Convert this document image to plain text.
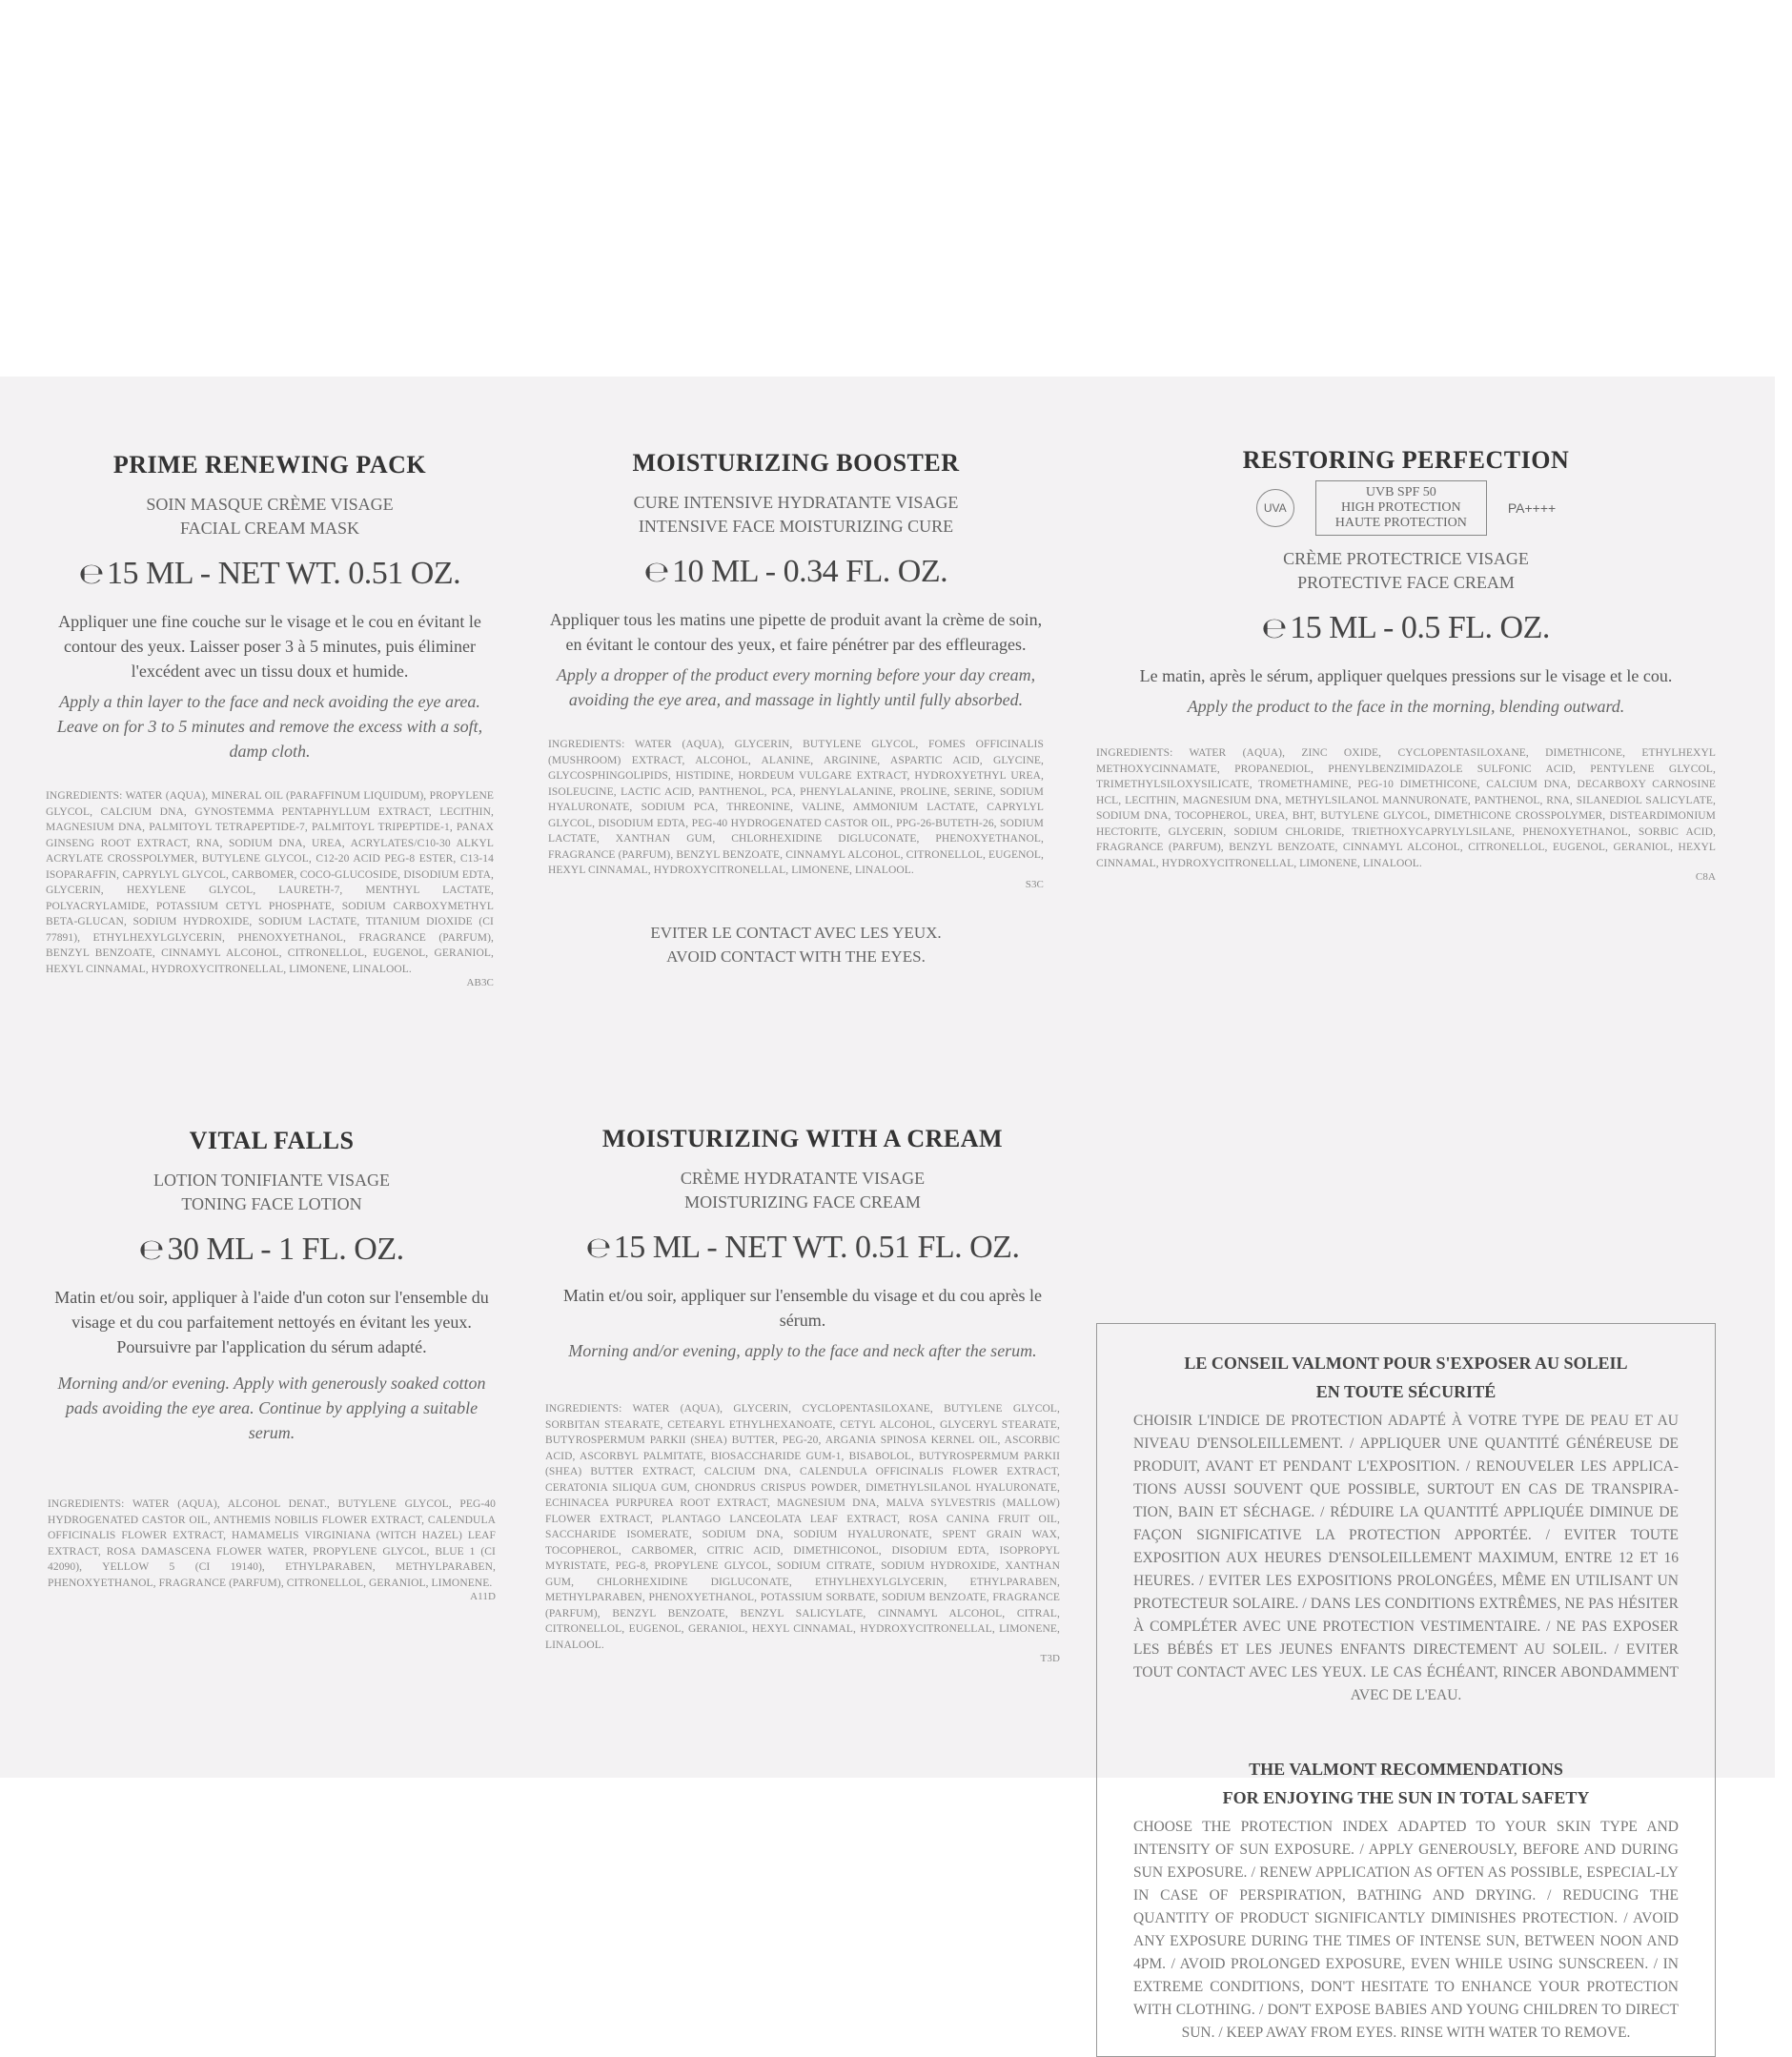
PRIME RENEWING PACK
SOIN MASQUE CRÈME VISAGE
FACIAL CREAM MASK
℮ 15 ML - NET WT. 0.51 OZ.
Appliquer une fine couche sur le visage et le cou en évitant le contour des yeux. Laisser poser 3 à 5 minutes, puis éliminer l'excédent avec un tissu doux et humide.
Apply a thin layer to the face and neck avoiding the eye area. Leave on for 3 to 5 minutes and remove the excess with a soft, damp cloth.
INGREDIENTS: WATER (AQUA), MINERAL OIL (PARAFFINUM LIQUIDUM), PROPYLENE GLYCOL, CALCIUM DNA, GYNOSTEMMA PENTAPHYLLUM EXTRACT, LECITHIN, MAGNESIUM DNA, PALMITOYL TETRAPEPTIDE-7, PALMITOYL TRIPEPTIDE-1, PANAX GINSENG ROOT EXTRACT, RNA, SODIUM DNA, UREA, ACRYLATES/C10-30 ALKYL ACRYLATE CROSSPOLYMER, BUTYLENE GLYCOL, C12-20 ACID PEG-8 ESTER, C13-14 ISOPARAFFIN, CAPRYLYL GLYCOL, CARBOMER, COCO-GLUCOSIDE, DISODIUM EDTA, GLYCERIN, HEXYLENE GLYCOL, LAURETH-7, MENTHYL LACTATE, POLYACRYLAMIDE, POTASSIUM CETYL PHOSPHATE, SODIUM CARBOXYMETHYL BETA-GLUCAN, SODIUM HYDROXIDE, SODIUM LACTATE, TITANIUM DIOXIDE (CI 77891), ETHYLHEXYLGLYCERIN, PHENOXYETHANOL, FRAGRANCE (PARFUM), BENZYL BENZOATE, CINNAMYL ALCOHOL, CITRONELLOL, EUGENOL, GERANIOL, HEXYL CINNAMAL, HYDROXYCITRONELLAL, LIMONENE, LINALOOL.
AB3C
MOISTURIZING BOOSTER
CURE INTENSIVE HYDRATANTE VISAGE
INTENSIVE FACE MOISTURIZING CURE
℮ 10 ML - 0.34 FL. OZ.
Appliquer tous les matins une pipette de produit avant la crème de soin, en évitant le contour des yeux, et faire pénétrer par des effleurages.
Apply a dropper of the product every morning before your day cream, avoiding the eye area, and massage in lightly until fully absorbed.
INGREDIENTS: WATER (AQUA), GLYCERIN, BUTYLENE GLYCOL, FOMES OFFICINALIS (MUSHROOM) EXTRACT, ALCOHOL, ALANINE, ARGININE, ASPARTIC ACID, GLYCINE, GLYCOSPHINGOLIPIDS, HISTIDINE, HORDEUM VULGARE EXTRACT, HYDROXYETHYL UREA, ISOLEUCINE, LACTIC ACID, PANTHENOL, PCA, PHENYLALANINE, PROLINE, SERINE, SODIUM HYALURONATE, SODIUM PCA, THREONINE, VALINE, AMMONIUM LACTATE, CAPRYLYL GLYCOL, DISODIUM EDTA, PEG-40 HYDROGENATED CASTOR OIL, PPG-26-BUTETH-26, SODIUM LACTATE, XANTHAN GUM, CHLORHEXIDINE DIGLUCONATE, PHENOXYETHANOL, FRAGRANCE (PARFUM), BENZYL BENZOATE, CINNAMYL ALCOHOL, CITRONELLOL, EUGENOL, HEXYL CINNAMAL, HYDROXYCITRONELLAL, LIMONENE, LINALOOL.
S3C
EVITER LE CONTACT AVEC LES YEUX.
AVOID CONTACT WITH THE EYES.
RESTORING PERFECTION
UVA
UVB SPF 50
HIGH PROTECTION
HAUTE PROTECTION
PA++++
CRÈME PROTECTRICE VISAGE
PROTECTIVE FACE CREAM
℮ 15 ML - 0.5 FL. OZ.
Le matin, après le sérum, appliquer quelques pressions sur le visage et le cou.
Apply the product to the face in the morning, blending outward.
INGREDIENTS: WATER (AQUA), ZINC OXIDE, CYCLOPENTASILOXANE, DIMETHICONE, ETHYLHEXYL METHOXYCINNAMATE, PROPANEDIOL, PHENYLBENZIMIDAZOLE SULFONIC ACID, PENTYLENE GLYCOL, TRIMETHYLSILOXYSILICATE, TROMETHAMINE, PEG-10 DIMETHICONE, CALCIUM DNA, DECARBOXY CARNOSINE HCL, LECITHIN, MAGNESIUM DNA, METHYLSILANOL MANNURONATE, PANTHENOL, RNA, SILANEDIOL SALICYLATE, SODIUM DNA, TOCOPHEROL, UREA, BHT, BUTYLENE GLYCOL, DIMETHICONE CROSSPOLYMER, DISTEARDIMONIUM HECTORITE, GLYCERIN, SODIUM CHLORIDE, TRIETHOXYCAPRYLYLSILANE, PHENOXYETHANOL, SORBIC ACID, FRAGRANCE (PARFUM), BENZYL BENZOATE, CINNAMYL ALCOHOL, CITRONELLOL, EUGENOL, GERANIOL, HEXYL CINNAMAL, HYDROXYCITRONELLAL, LIMONENE, LINALOOL.
C8A
VITAL FALLS
LOTION TONIFIANTE VISAGE
TONING FACE LOTION
℮ 30 ML - 1 FL. OZ.
Matin et/ou soir, appliquer à l'aide d'un coton sur l'ensemble du visage et du cou parfaitement nettoyés en évitant les yeux. Poursuivre par l'application du sérum adapté.
Morning and/or evening. Apply with generously soaked cotton pads avoiding the eye area. Continue by applying a suitable serum.
INGREDIENTS: WATER (AQUA), ALCOHOL DENAT., BUTYLENE GLYCOL, PEG-40 HYDROGENATED CASTOR OIL, ANTHEMIS NOBILIS FLOWER EXTRACT, CALENDULA OFFICINALIS FLOWER EXTRACT, HAMAMELIS VIRGINIANA (WITCH HAZEL) LEAF EXTRACT, ROSA DAMASCENA FLOWER WATER, PROPYLENE GLYCOL, BLUE 1 (CI 42090), YELLOW 5 (CI 19140), ETHYLPARABEN, METHYLPARABEN, PHENOXYETHANOL, FRAGRANCE (PARFUM), CITRONELLOL, GERANIOL, LIMONENE.
A11D
MOISTURIZING WITH A CREAM
CRÈME HYDRATANTE VISAGE
MOISTURIZING FACE CREAM
℮ 15 ML - NET WT. 0.51 FL. OZ.
Matin et/ou soir, appliquer sur l'ensemble du visage et du cou après le sérum.
Morning and/or evening, apply to the face and neck after the serum.
INGREDIENTS: WATER (AQUA), GLYCERIN, CYCLOPENTASILOXANE, BUTYLENE GLYCOL, SORBITAN STEARATE, CETEARYL ETHYLHEXANOATE, CETYL ALCOHOL, GLYCERYL STEARATE, BUTYROSPERMUM PARKII (SHEA) BUTTER, PEG-20, ARGANIA SPINOSA KERNEL OIL, ASCORBIC ACID, ASCORBYL PALMITATE, BIOSACCHARIDE GUM-1, BISABOLOL, BUTYROSPERMUM PARKII (SHEA) BUTTER EXTRACT, CALCIUM DNA, CALENDULA OFFICINALIS FLOWER EXTRACT, CERATONIA SILIQUA GUM, CHONDRUS CRISPUS POWDER, DIMETHYLSILANOL HYALURONATE, ECHINACEA PURPUREA ROOT EXTRACT, MAGNESIUM DNA, MALVA SYLVESTRIS (MALLOW) FLOWER EXTRACT, PLANTAGO LANCEOLATA LEAF EXTRACT, ROSA CANINA FRUIT OIL, SACCHARIDE ISOMERATE, SODIUM DNA, SODIUM HYALURONATE, SPENT GRAIN WAX, TOCOPHEROL, CARBOMER, CITRIC ACID, DIMETHICONOL, DISODIUM EDTA, ISOPROPYL MYRISTATE, PEG-8, PROPYLENE GLYCOL, SODIUM CITRATE, SODIUM HYDROXIDE, XANTHAN GUM, CHLORHEXIDINE DIGLUCONATE, ETHYLHEXYLGLYCERIN, ETHYLPARABEN, METHYLPARABEN, PHENOXYETHANOL, POTASSIUM SORBATE, SODIUM BENZOATE, FRAGRANCE (PARFUM), BENZYL BENZOATE, BENZYL SALICYLATE, CINNAMYL ALCOHOL, CITRAL, CITRONELLOL, EUGENOL, GERANIOL, HEXYL CINNAMAL, HYDROXYCITRONELLAL, LIMONENE, LINALOOL.
T3D
LE CONSEIL VALMONT POUR S'EXPOSER AU SOLEIL
EN TOUTE SÉCURITÉ
CHOISIR L'INDICE DE PROTECTION ADAPTÉ À VOTRE TYPE DE PEAU ET AU NIVEAU D'ENSOLEILLEMENT. / APPLIQUER UNE QUANTITÉ GÉNÉREUSE DE PRODUIT, AVANT ET PENDANT L'EXPOSITION. / RENOUVELER LES APPLICA-TIONS AUSSI SOUVENT QUE POSSIBLE, SURTOUT EN CAS DE TRANSPIRA-TION, BAIN ET SÉCHAGE. / RÉDUIRE LA QUANTITÉ APPLIQUÉE DIMINUE DE FAÇON SIGNIFICATIVE LA PROTECTION APPORTÉE. / EVITER TOUTE EXPOSITION AUX HEURES D'ENSOLEILLEMENT MAXIMUM, ENTRE 12 ET 16 HEURES. / EVITER LES EXPOSITIONS PROLONGÉES, MÊME EN UTILISANT UN PROTECTEUR SOLAIRE. / DANS LES CONDITIONS EXTRÊMES, NE PAS HÉSITER À COMPLÉTER AVEC UNE PROTECTION VESTIMENTAIRE. / NE PAS EXPOSER LES BÉBÉS ET LES JEUNES ENFANTS DIRECTEMENT AU SOLEIL. / EVITER TOUT CONTACT AVEC LES YEUX. LE CAS ÉCHÉANT, RINCER ABONDAMMENT AVEC DE L'EAU.
THE VALMONT RECOMMENDATIONS
FOR ENJOYING THE SUN IN TOTAL SAFETY
CHOOSE THE PROTECTION INDEX ADAPTED TO YOUR SKIN TYPE AND INTENSITY OF SUN EXPOSURE. / APPLY GENEROUSLY, BEFORE AND DURING SUN EXPOSURE. / RENEW APPLICATION AS OFTEN AS POSSIBLE, ESPECIAL-LY IN CASE OF PERSPIRATION, BATHING AND DRYING. / REDUCING THE QUANTITY OF PRODUCT SIGNIFICANTLY DIMINISHES PROTECTION. / AVOID ANY EXPOSURE DURING THE TIMES OF INTENSE SUN, BETWEEN NOON AND 4PM. / AVOID PROLONGED EXPOSURE, EVEN WHILE USING SUNSCREEN. / IN EXTREME CONDITIONS, DON'T HESITATE TO ENHANCE YOUR PROTECTION WITH CLOTHING. / DON'T EXPOSE BABIES AND YOUNG CHILDREN TO DIRECT SUN. / KEEP AWAY FROM EYES. RINSE WITH WATER TO REMOVE.
